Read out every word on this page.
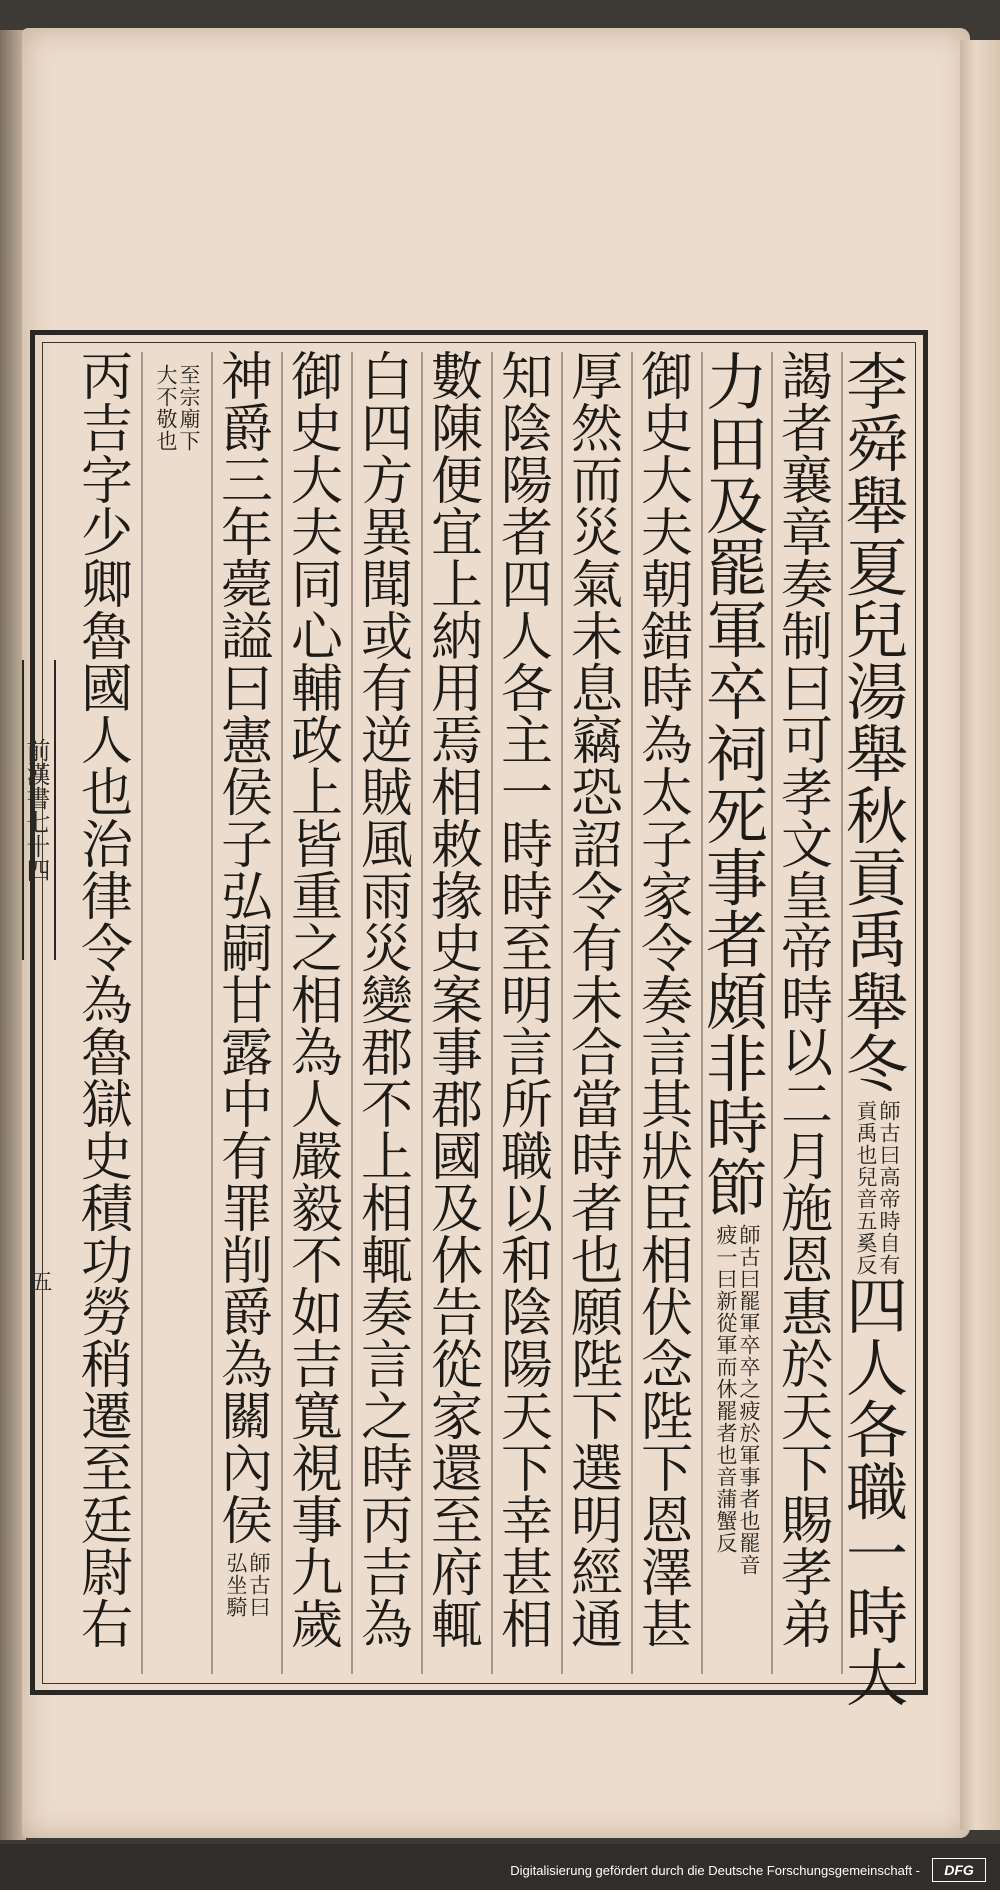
李
舜
舉
夏
兒
湯
舉
秋
貢
禹
舉
冬
師古曰高帝時自有
貢禹也兒音五奚反
四
人
各
職
一
時
大
謁
者
襄
章
奏
制
曰
可
孝
文
皇
帝
時
以
二
月
施
恩
惠
於
天
下
賜
孝
弟
力
田
及
罷
軍
卒
祠
死
事
者
頗
非
時
節
師古曰罷軍卒卒之疲於軍事者也罷音
疲一曰新從軍而休罷者也音蒲蟹反
御
史
大
夫
朝
錯
時
為
太
子
家
令
奏
言
其
狀
臣
相
伏
念
陛
下
恩
澤
甚
厚
然
而
災
氣
未
息
竊
恐
詔
令
有
未
合
當
時
者
也
願
陛
下
選
明
經
通
知
陰
陽
者
四
人
各
主
一
時
時
至
明
言
所
職
以
和
陰
陽
天
下
幸
甚
相
數
陳
便
宜
上
納
用
焉
相
敕
掾
史
案
事
郡
國
及
休
告
從
家
還
至
府
輒
白
四
方
異
聞
或
有
逆
賊
風
雨
災
變
郡
不
上
相
輒
奏
言
之
時
丙
吉
為
御
史
大
夫
同
心
輔
政
上
皆
重
之
相
為
人
嚴
毅
不
如
吉
寬
視
事
九
歲
神
爵
三
年
薨
謚
曰
憲
侯
子
弘
嗣
甘
露
中
有
罪
削
爵
為
關
內
侯
師古曰
弘坐騎
至宗廟下
大不敬也
丙
吉
字
少
卿
魯
國
人
也
治
律
令
為
魯
獄
史
積
功
勞
稍
遷
至
廷
尉
右
前漢書七十四
五
Digitalisierung gefördert durch die Deutsche Forschungsgemeinschaft -	DFG
